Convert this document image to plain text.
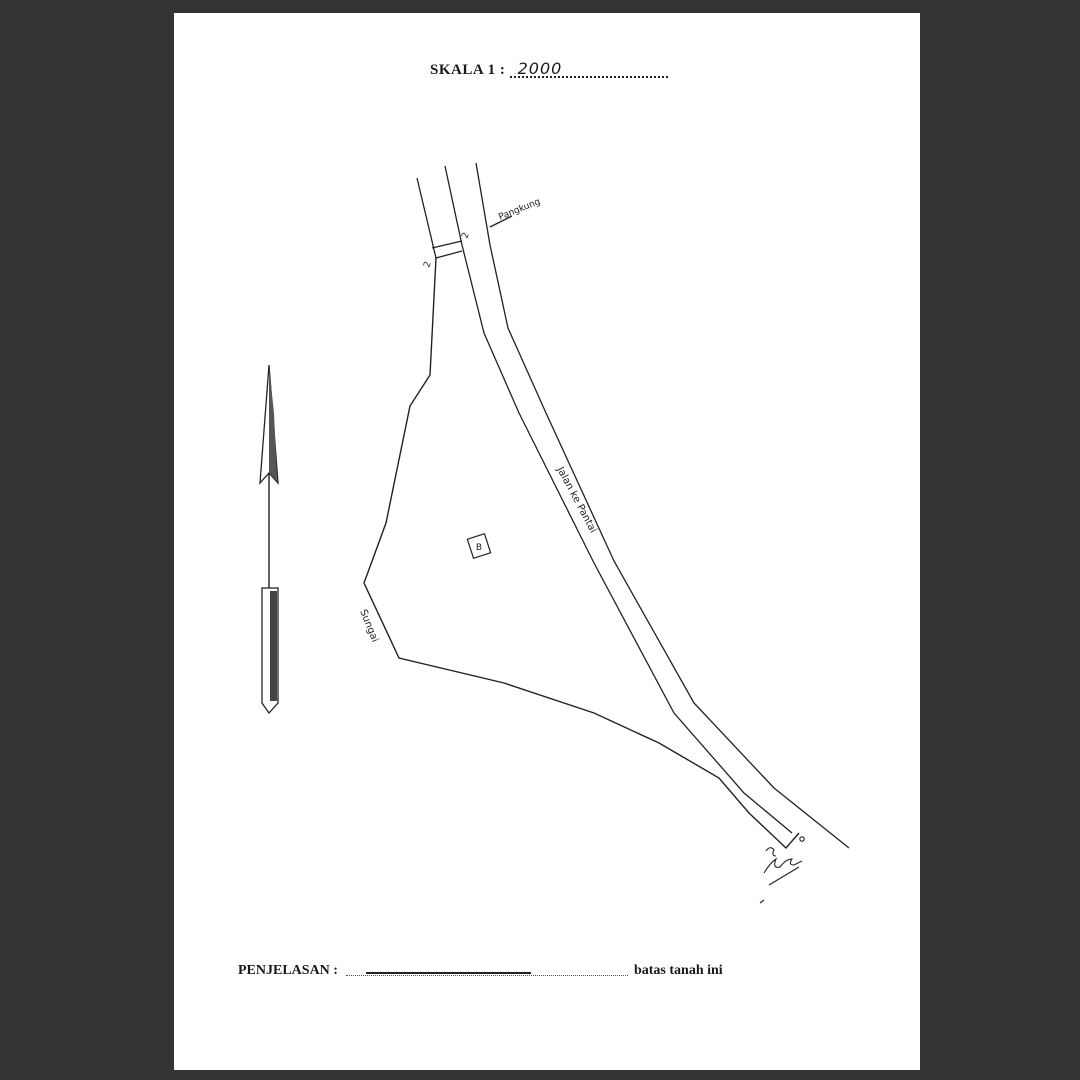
SKALA 1 : 2000
B
Jalan ke Pantai
Sungai
Pangkung
2
2
PENJELASAN :	batas tanah ini
